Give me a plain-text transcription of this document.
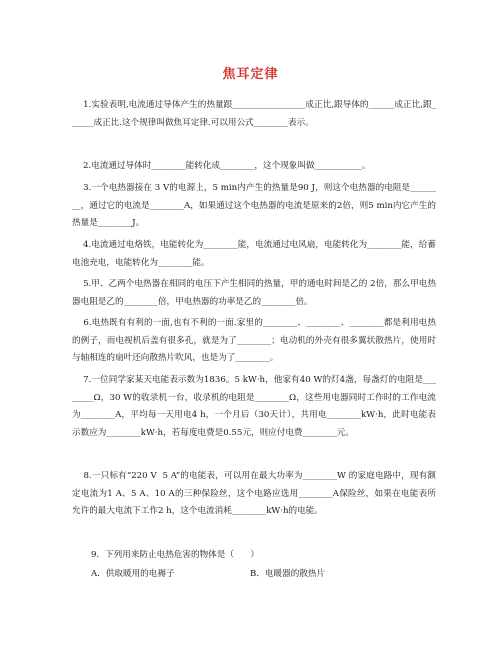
焦耳定律
1.实验表明,电流通过导体产生的热量跟_________________成正比,跟导体的______成正比,跟______成正比.这个规律叫做焦耳定律.可以用公式________表示。
2.电流通过导体时________能转化成________，这个现象叫做___________。
3.一个电热器接在 3 V的电源上，5 min内产生的热量是90 J，则这个电热器的电阻是________，通过它的电流是________A，如果通过这个电热器的电流是原来的2倍，则5 min内它产生的热量是________J。
4.电流通过电烙铁，电能转化为________能，电流通过电风扇，电能转化为________能，给蓄电池充电，电能转化为________能。
5.甲、乙两个电热器在相同的电压下产生相同的热量，甲的通电时间是乙的 2倍，那么甲电热器电阻是乙的________倍，甲电热器的功率是乙的________倍。
6.电热既有有利的一面,也有不利的一面.家里的________、________、________都是利用电热的例子，而电视机后盖有很多孔，就是为了________；电动机的外壳有很多翼状散热片，使用时与轴相连的扇叶还向散热片吹风，也是为了________。
7.一位同学家某天电能表示数为1836。5 kW·h，他家有40 W的灯4盏，每盏灯的电阻是________Ω，30 W的收录机一台，收录机的电阻是________Ω，这些用电器同时工作时的工作电流为________A，平均每一天用电4 h，一个月后（30天计），共用电________kW·h，此时电能表示数应为________kW·h，若每度电费是0.55元，则应付电费________元。
8.一只标有“220 V  5 A”的电能表，可以用在最大功率为________W 的家庭电路中，现有额定电流为1 A、5 A、10 A的三种保险丝，这个电路应选用________A保险丝，如果在电能表所允许的最大电流下工作2 h，这个电流消耗________kW·h的电能。
9．下列用来防止电热危害的物体是（      ）
A．供取暖用的电褥子	B．电暖器的散热片
